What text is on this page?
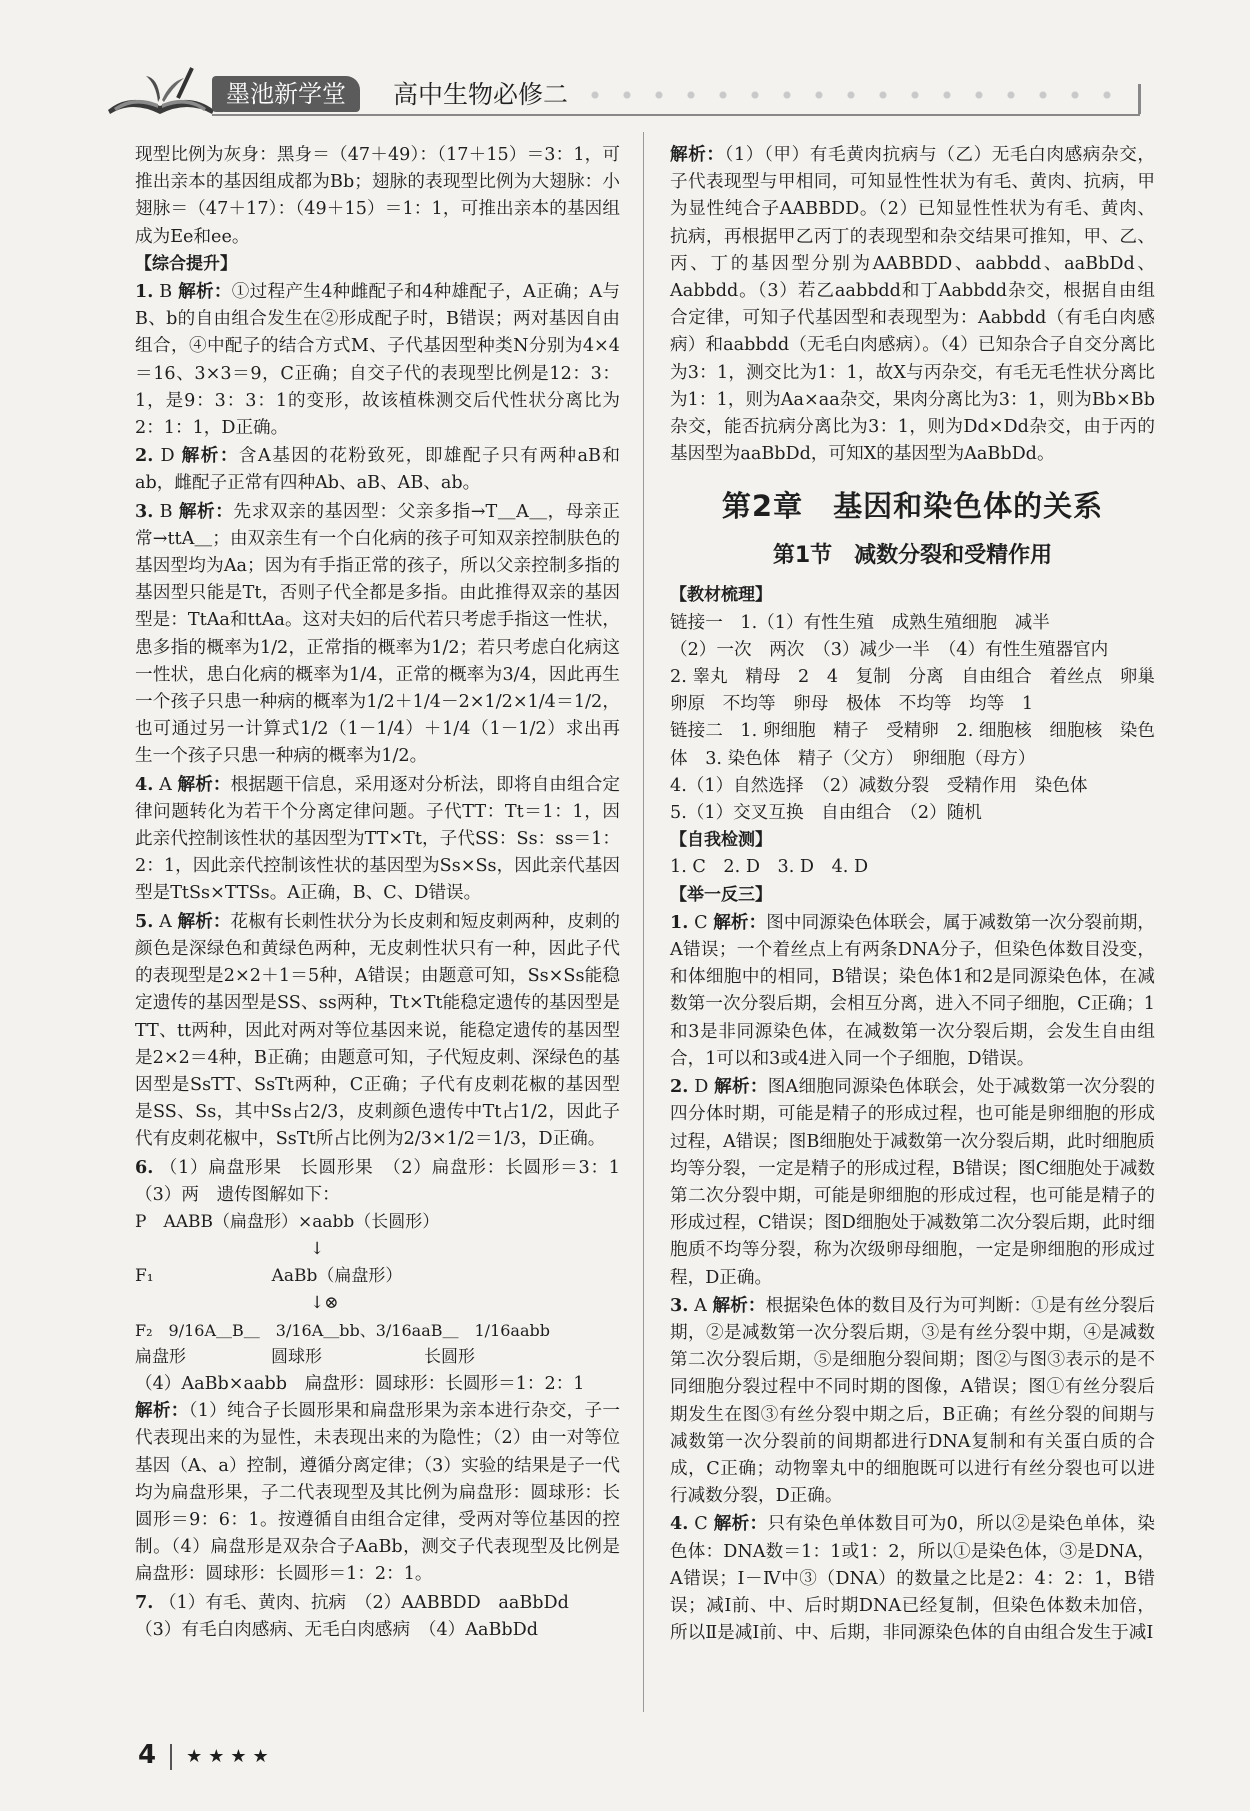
墨池新学堂	高中生物必修二

现型比例为灰身：黑身＝（47＋49）：（17＋15）＝3：1，可推出亲本的基因组成都为Bb；翅脉的表现型比例为大翅脉：小翅脉＝（47＋17）：（49＋15）＝1：1，可推出亲本的基因组成为Ee和ee。

【综合提升】

1. B 解析：①过程产生4种雌配子和4种雄配子，A正确；A与B、b的自由组合发生在②形成配子时，B错误；两对基因自由组合，④中配子的结合方式M、子代基因型种类N分别为4×4＝16、3×3＝9，C正确；自交子代的表现型比例是12：3：1，是9：3：3：1的变形，故该植株测交后代性状分离比为2：1：1，D正确。

2. D 解析：含A基因的花粉致死，即雄配子只有两种aB和ab，雌配子正常有四种Ab、aB、AB、ab。

3. B 解析：先求双亲的基因型：父亲多指→T＿A＿，母亲正常→ttA＿；由双亲生有一个白化病的孩子可知双亲控制肤色的基因型均为Aa；因为有手指正常的孩子，所以父亲控制多指的基因型只能是Tt，否则子代全都是多指。由此推得双亲的基因型是：TtAa和ttAa。这对夫妇的后代若只考虑手指这一性状，患多指的概率为1/2，正常指的概率为1/2；若只考虑白化病这一性状，患白化病的概率为1/4，正常的概率为3/4，因此再生一个孩子只患一种病的概率为1/2＋1/4－2×1/2×1/4＝1/2，也可通过另一计算式1/2（1－1/4）＋1/4（1－1/2）求出再生一个孩子只患一种病的概率为1/2。

4. A 解析：根据题干信息，采用逐对分析法，即将自由组合定律问题转化为若干个分离定律问题。子代TT：Tt＝1：1，因此亲代控制该性状的基因型为TT×Tt，子代SS：Ss：ss＝1：2：1，因此亲代控制该性状的基因型为Ss×Ss，因此亲代基因型是TtSs×TTSs。A正确，B、C、D错误。

5. A 解析：花椒有长刺性状分为长皮刺和短皮刺两种，皮刺的颜色是深绿色和黄绿色两种，无皮刺性状只有一种，因此子代的表现型是2×2＋1＝5种，A错误；由题意可知，Ss×Ss能稳定遗传的基因型是SS、ss两种，Tt×Tt能稳定遗传的基因型是TT、tt两种，因此对两对等位基因来说，能稳定遗传的基因型是2×2＝4种，B正确；由题意可知，子代短皮刺、深绿色的基因型是SsTT、SsTt两种，C正确；子代有皮刺花椒的基因型是SS、Ss，其中Ss占2/3，皮刺颜色遗传中Tt占1/2，因此子代有皮刺花椒中，SsTt所占比例为2/3×1/2＝1/3，D正确。

6. （1）扁盘形果　长圆形果　（2）扁盘形：长圆形＝3：1　（3）两　遗传图解如下：

P　AABB（扁盘形）×aabb（长圆形）

↓

F₁	AaBb（扁盘形）

↓⊗

F₂　9/16A＿B＿　3/16A＿bb、3/16aaB＿　1/16aabb

扁盘形　　　　　圆球形　　　　　　长圆形

（4）AaBb×aabb　扁盘形：圆球形：长圆形＝1：2：1

解析：（1）纯合子长圆形果和扁盘形果为亲本进行杂交，子一代表现出来的为显性，未表现出来的为隐性；（2）由一对等位基因（A、a）控制，遵循分离定律；（3）实验的结果是子一代均为扁盘形果，子二代表现型及其比例为扁盘形：圆球形：长圆形＝9：6：1。按遵循自由组合定律，受两对等位基因的控制。（4）扁盘形是双杂合子AaBb，测交子代表现型及比例是扁盘形：圆球形：长圆形＝1：2：1。

7. （1）有毛、黄肉、抗病　（2）AABBDD　aaBbDd

（3）有毛白肉感病、无毛白肉感病　（4）AaBbDd

解析：（1）（甲）有毛黄肉抗病与（乙）无毛白肉感病杂交，子代表现型与甲相同，可知显性性状为有毛、黄肉、抗病，甲为显性纯合子AABBDD。（2）已知显性性状为有毛、黄肉、抗病，再根据甲乙丙丁的表现型和杂交结果可推知，甲、乙、丙、丁的基因型分别为AABBDD、aabbdd、aaBbDd、Aabbdd。（3）若乙aabbdd和丁Aabbdd杂交，根据自由组合定律，可知子代基因型和表现型为：Aabbdd（有毛白肉感病）和aabbdd（无毛白肉感病）。（4）已知杂合子自交分离比为3：1，测交比为1：1，故X与丙杂交，有毛无毛性状分离比为1：1，则为Aa×aa杂交，果肉分离比为3：1，则为Bb×Bb杂交，能否抗病分离比为3：1，则为Dd×Dd杂交，由于丙的基因型为aaBbDd，可知X的基因型为AaBbDd。

第2章　基因和染色体的关系
第1节　减数分裂和受精作用

【教材梳理】

链接一　1.（1）有性生殖　成熟生殖细胞　减半

（2）一次　两次　（3）减少一半　（4）有性生殖器官内

2. 睾丸　精母　2　4　复制　分离　自由组合　着丝点　卵巢　卵原　不均等　卵母　极体　不均等　均等　1

链接二　1. 卵细胞　精子　受精卵　2. 细胞核　细胞核　染色体　3. 染色体　精子（父方）　卵细胞（母方）

4.（1）自然选择　（2）减数分裂　受精作用　染色体

5.（1）交叉互换　自由组合　（2）随机

【自我检测】

1. C　2. D　3. D　4. D

【举一反三】

1. C 解析：图中同源染色体联会，属于减数第一次分裂前期，A错误；一个着丝点上有两条DNA分子，但染色体数目没变，和体细胞中的相同，B错误；染色体1和2是同源染色体，在减数第一次分裂后期，会相互分离，进入不同子细胞，C正确；1和3是非同源染色体，在减数第一次分裂后期，会发生自由组合，1可以和3或4进入同一个子细胞，D错误。

2. D 解析：图A细胞同源染色体联会，处于减数第一次分裂的四分体时期，可能是精子的形成过程，也可能是卵细胞的形成过程，A错误；图B细胞处于减数第一次分裂后期，此时细胞质均等分裂，一定是精子的形成过程，B错误；图C细胞处于减数第二次分裂中期，可能是卵细胞的形成过程，也可能是精子的形成过程，C错误；图D细胞处于减数第二次分裂后期，此时细胞质不均等分裂，称为次级卵母细胞，一定是卵细胞的形成过程，D正确。

3. A 解析：根据染色体的数目及行为可判断：①是有丝分裂后期，②是减数第一次分裂后期，③是有丝分裂中期，④是减数第二次分裂后期，⑤是细胞分裂间期；图②与图③表示的是不同细胞分裂过程中不同时期的图像，A错误；图①有丝分裂后期发生在图③有丝分裂中期之后，B正确；有丝分裂的间期与减数第一次分裂前的间期都进行DNA复制和有关蛋白质的合成，C正确；动物睾丸中的细胞既可以进行有丝分裂也可以进行减数分裂，D正确。

4. C 解析：只有染色单体数目可为0，所以②是染色单体，染色体：DNA数＝1：1或1：2，所以①是染色体，③是DNA，A错误；Ⅰ－Ⅳ中③（DNA）的数量之比是2：4：2：1，B错误；减Ⅰ前、中、后时期DNA已经复制，但染色体数未加倍，所以Ⅱ是减Ⅰ前、中、后期，非同源染色体的自由组合发生于减Ⅰ

4 ★★★★
